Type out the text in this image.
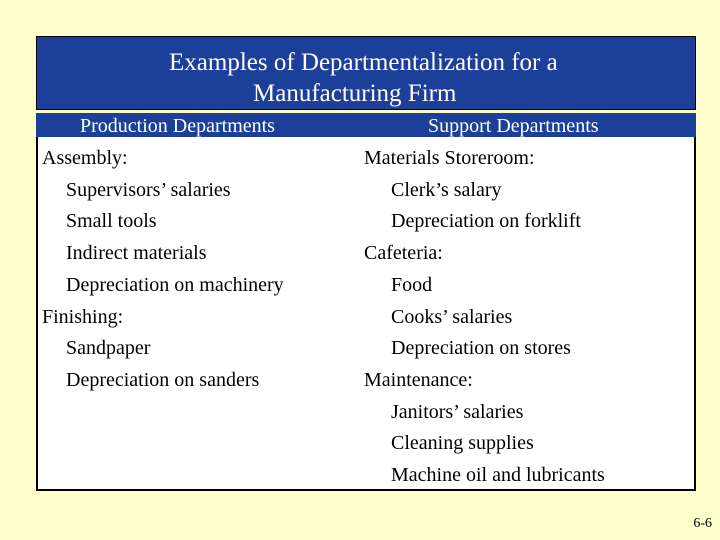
Examples of Departmentalization for a
Manufacturing Firm
Production Departments	Support Departments
Assembly:
Supervisors’ salaries
Small tools
Indirect materials
Depreciation on machinery
Finishing:
Sandpaper
Depreciation on sanders
Materials Storeroom:
Clerk’s salary
Depreciation on forklift
Cafeteria:
Food
Cooks’ salaries
Depreciation on stores
Maintenance:
Janitors’ salaries
Cleaning supplies
Machine oil and lubricants
6-6
